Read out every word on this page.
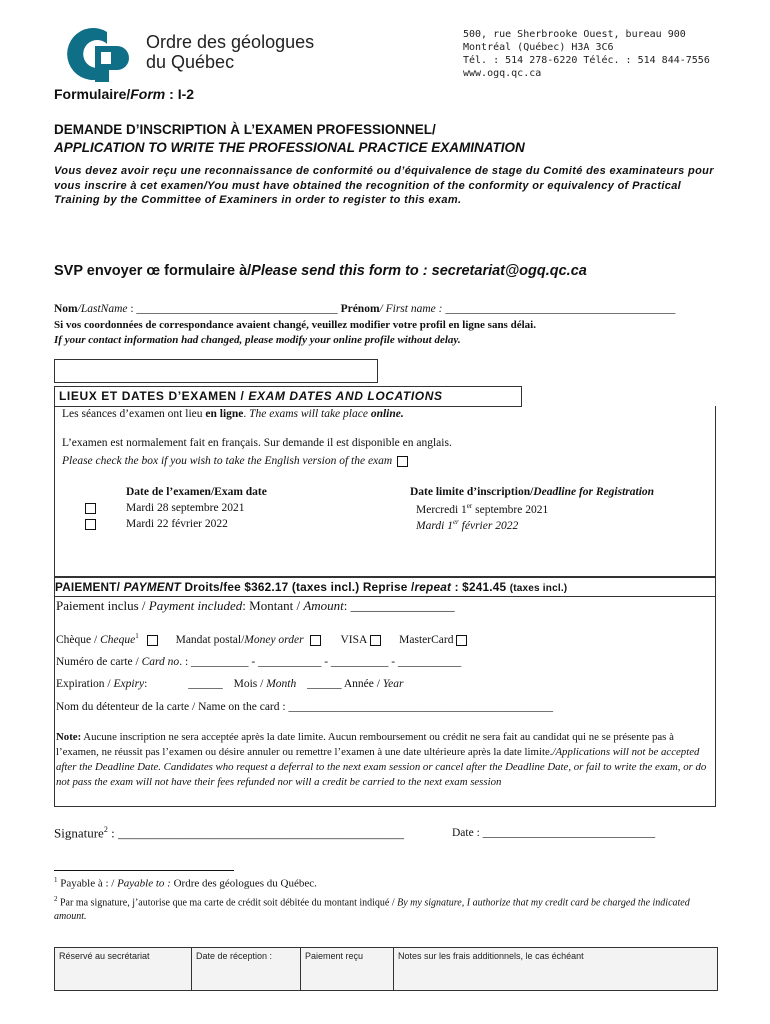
Ordre des géologues
du Québec
500, rue Sherbrooke Ouest, bureau 900
Montréal (Québec) H3A 3C6
Tél. : 514 278-6220 Téléc. : 514 844-7556
www.ogq.qc.ca
Formulaire/Form : I-2
DEMANDE D’INSCRIPTION À L’EXAMEN PROFESSIONNEL/
APPLICATION TO WRITE THE PROFESSIONAL PRACTICE EXAMINATION
Vous devez avoir reçu une reconnaissance de conformité ou d’équivalence de stage du Comité des examinateurs pour vous inscrire à cet examen/You must have obtained the recognition of the conformity or equivalency of Practical Training by the Committee of Examiners in order to register to this exam.
SVP envoyer œ formulaire à/Please send this form to : secretariat@ogq.qc.ca
Nom/LastName : ___________________________________ Prénom/ First name : ________________________________________
Si vos coordonnées de correspondance avaient changé, veuillez modifier votre profil en ligne sans délai.
If your contact information had changed, please modify your online profile without delay.
LIEUX ET DATES D’EXAMEN / EXAM DATES AND LOCATIONS
Les séances d’examen ont lieu en ligne. The exams will take place online.
L’examen est normalement fait en français. Sur demande il est disponible en anglais.
Please check the box if you wish to take the English version of the exam
Date de l’examen/Exam date	Date limite d’inscription/Deadline for Registration
Mardi 28 septembre 2021	Mercredi 1er septembre 2021
Mardi 22 février 2022	Mardi 1er février 2022
PAIEMENT/ PAYMENT Droits/fee $362.17 (taxes incl.) Reprise /repeat : $241.45 (taxes incl.)
Paiement inclus / Payment included: Montant / Amount: ________________
Chèque / Cheque$^1$	Mandat postal/Money order	VISA	MasterCard
Numéro de carte / Card no. : __________ - ___________ - __________ - ___________
Expiration / Expiry:	______ Mois / Month ______ Année / Year
Nom du détenteur de la carte / Name on the card : ______________________________________________
Note: Aucune inscription ne sera acceptée après la date limite. Aucun remboursement ou crédit ne sera fait au candidat qui ne se présente pas à l’examen, ne réussit pas l’examen ou désire annuler ou remettre l’examen à une date ultérieure après la date limite./Applications will not be accepted after the Deadline Date. Candidates who request a deferral to the next exam session or cancel after the Deadline Date, or fail to write the exam, or do not pass the exam will not have their fees refunded nor will a credit be carried to the next exam session
Signature$^2$ : ____________________________________________	Date : ______________________________
$^1$ Payable à : / Payable to : Ordre des géologues du Québec.
$^2$ Par ma signature, j’autorise que ma carte de crédit soit débitée du montant indiqué / By my signature, I authorize that my credit card be charged the indicated amount.
Réservé au secrétariat	Date de réception :	Paiement reçu	Notes sur les frais additionnels, le cas échéant
